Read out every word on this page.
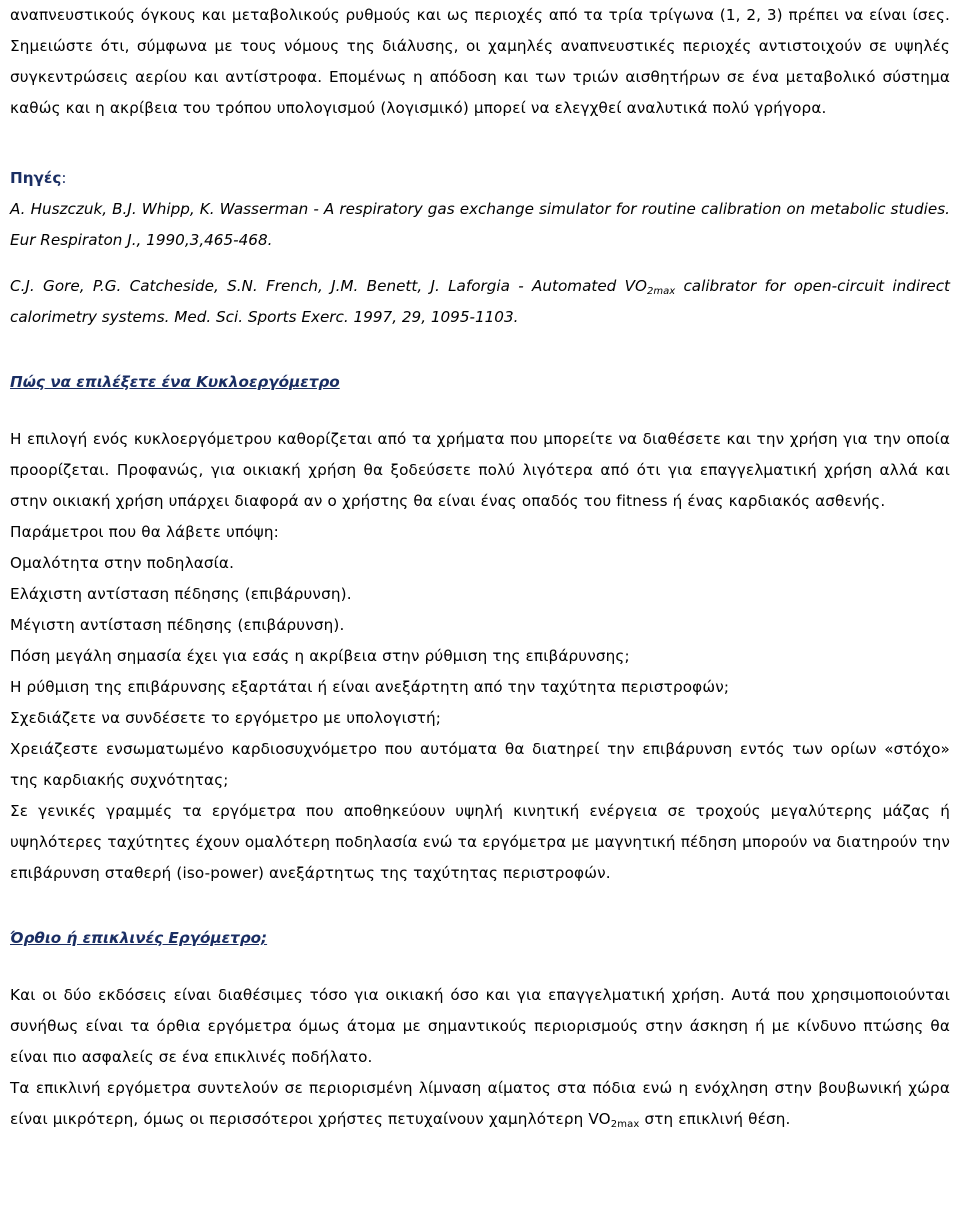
αναπνευστικούς όγκους και μεταβολικούς ρυθμούς και ως περιοχές από τα τρία τρίγωνα (1, 2, 3) πρέπει να είναι ίσες. Σημειώστε ότι, σύμφωνα με τους νόμους της διάλυσης, οι χαμηλές αναπνευστικές περιοχές αντιστοιχούν σε υψηλές συγκεντρώσεις αερίου και αντίστροφα. Επομένως η απόδοση και των τριών αισθητήρων σε ένα μεταβολικό σύστημα καθώς και η ακρίβεια του τρόπου υπολογισμού (λογισμικό) μπορεί να ελεγχθεί αναλυτικά πολύ γρήγορα.

Πηγές:

A. Huszczuk, B.J. Whipp, K. Wasserman - A respiratory gas exchange simulator for routine calibration on metabolic studies. Eur Respiraton J., 1990,3,465-468.

C.J. Gore, P.G. Catcheside, S.N. French, J.M. Benett, J. Laforgia - Automated $VO_{2max}$ calibrator for open-circuit indirect calorimetry systems. Med. Sci. Sports Exerc. 1997, 29, 1095-1103.

Πώς να επιλέξετε ένα Κυκλοεργόμετρο

Η επιλογή ενός κυκλοεργόμετρου καθορίζεται από τα χρήματα που μπορείτε να διαθέσετε και την χρήση για την οποία προορίζεται. Προφανώς, για οικιακή χρήση θα ξοδεύσετε πολύ λιγότερα από ότι για επαγγελματική χρήση αλλά και στην οικιακή χρήση υπάρχει διαφορά αν ο χρήστης θα είναι ένας οπαδός του fitness ή ένας καρδιακός ασθενής.

Παράμετροι που θα λάβετε υπόψη:

Ομαλότητα στην ποδηλασία.

Ελάχιστη αντίσταση πέδησης (επιβάρυνση).

Μέγιστη αντίσταση πέδησης (επιβάρυνση).

Πόση μεγάλη σημασία έχει για εσάς η ακρίβεια στην ρύθμιση της επιβάρυνσης;

Η ρύθμιση της επιβάρυνσης εξαρτάται ή είναι ανεξάρτητη από την ταχύτητα περιστροφών;

Σχεδιάζετε να συνδέσετε το εργόμετρο με υπολογιστή;

Χρειάζεστε ενσωματωμένο καρδιοσυχνόμετρο που αυτόματα θα διατηρεί την επιβάρυνση εντός των ορίων «στόχο» της καρδιακής συχνότητας;

Σε γενικές γραμμές τα εργόμετρα που αποθηκεύουν υψηλή κινητική ενέργεια σε τροχούς μεγαλύτερης μάζας ή υψηλότερες ταχύτητες έχουν ομαλότερη ποδηλασία ενώ τα εργόμετρα με μαγνητική πέδηση μπορούν να διατηρούν την επιβάρυνση σταθερή (iso-power) ανεξάρτητως της ταχύτητας περιστροφών.

Όρθιο ή επικλινές Εργόμετρο;

Και οι δύο εκδόσεις είναι διαθέσιμες τόσο για οικιακή όσο και για επαγγελματική χρήση. Αυτά που χρησιμοποιούνται συνήθως είναι τα όρθια εργόμετρα όμως άτομα με σημαντικούς περιορισμούς στην άσκηση ή με κίνδυνο πτώσης θα είναι πιο ασφαλείς σε ένα επικλινές ποδήλατο.

Τα επικλινή εργόμετρα συντελούν σε περιορισμένη λίμναση αίματος στα πόδια ενώ η ενόχληση στην βουβωνική χώρα είναι μικρότερη, όμως οι περισσότεροι χρήστες πετυχαίνουν χαμηλότερη $VO_{2max}$ στη επικλινή θέση.
